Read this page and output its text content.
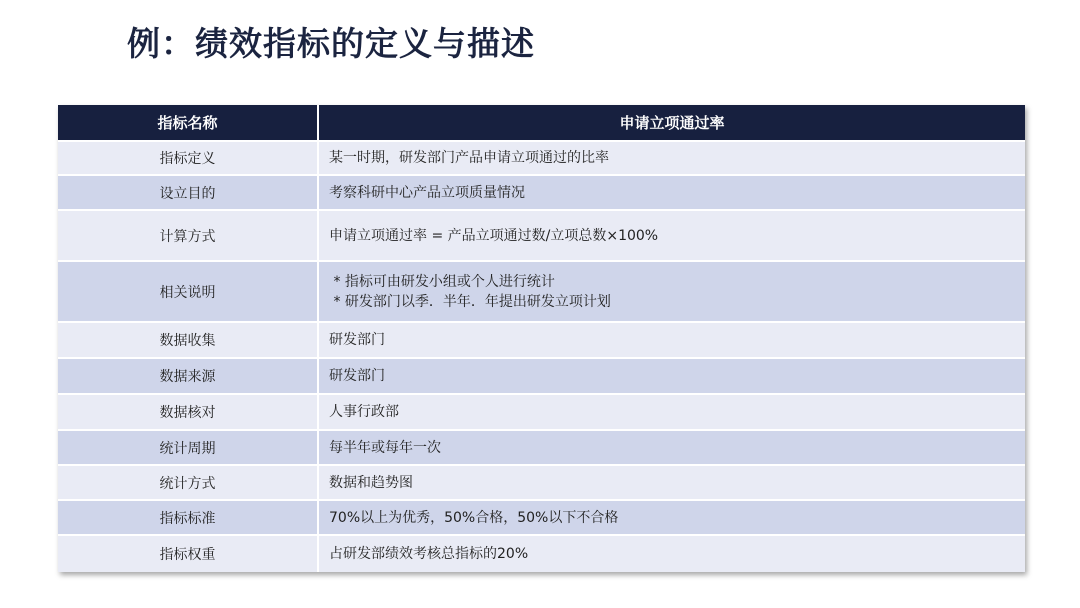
例：绩效指标的定义与描述
指标名称	申请立项通过率
指标定义	某一时期，研发部门产品申请立项通过的比率

设立目的	考察科研中心产品立项质量情况

计算方式	申请立项通过率 = 产品立项通过数/立项总数×100%

相关说明	* 指标可由研发小组或个人进行统计
* 研发部门以季．半年．年提出研发立项计划

数据收集	研发部门

数据来源	研发部门

数据核对	人事行政部

统计周期	每半年或每年一次

统计方式	数据和趋势图

指标标准	70%以上为优秀，50%合格，50%以下不合格

指标权重	占研发部绩效考核总指标的20%
